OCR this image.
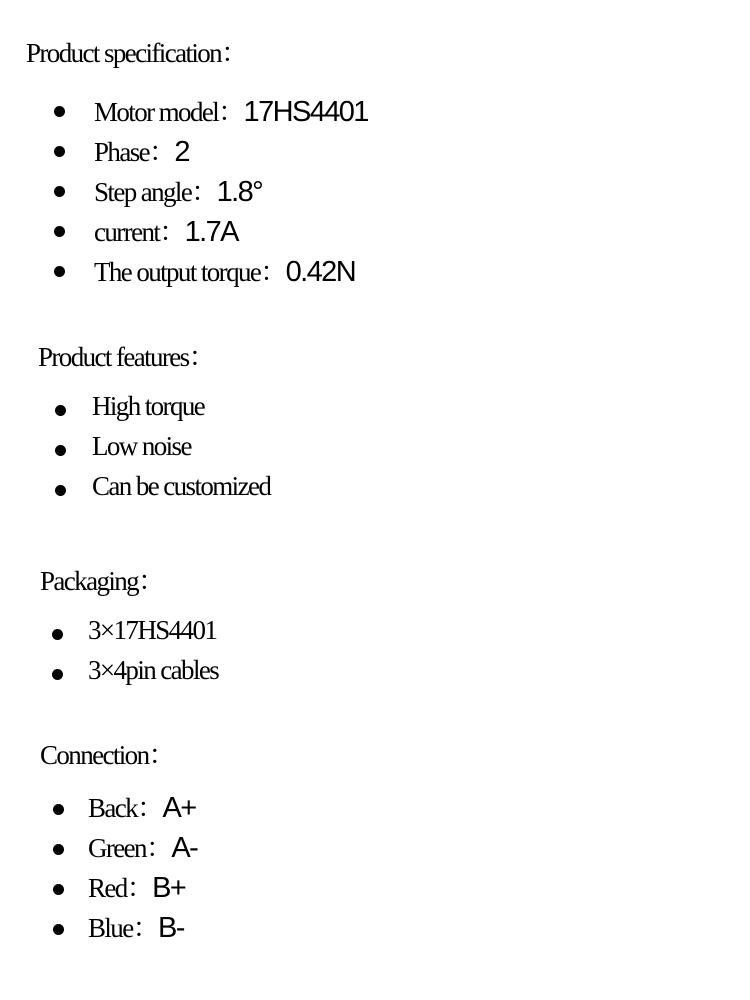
Product specification：
Motor model：17HS4401
Phase：2
Step angle：1.8°
current：1.7A
The output torque：0.42N
Product features：
High torque
Low noise
Can be customized
Packaging：
3×17HS4401
3×4pin cables
Connection：
Back：A+
Green：A-
Red：B+
Blue：B-
